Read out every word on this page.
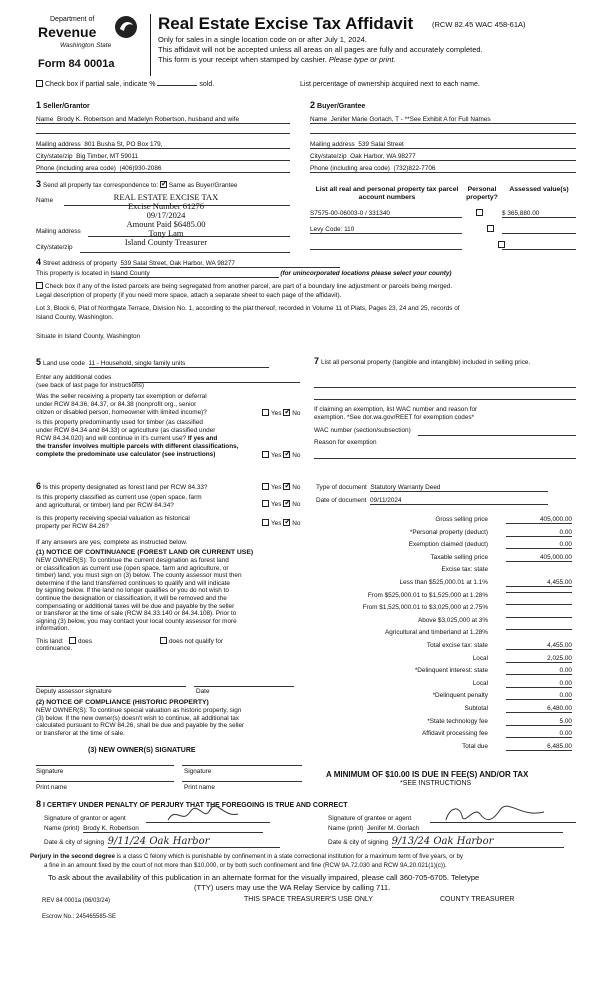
Department of
Revenue
Washington State
Form 84 0001a
Real Estate Excise Tax Affidavit	(RCW 82.45 WAC 458-61A)
Only for sales in a single location code on or after July 1, 2024.
This affidavit will not be accepted unless all areas on all pages are fully and accurately completed.
This form is your receipt when stamped by cashier. Please type or print.
Check box if partial sale, indicate %	sold.	List percentage of ownership acquired next to each name.
1 Seller/Grantor
Name Brody K. Robertson and Madelyn Robertson, husband and wife
Mailing address 801 Busha St, PO Box 179,
City/state/zip Big Timber, MT 59011
Phone (including area code) (406)930-2086
2 Buyer/Grantee
Name Jenifer Marie Gorlach, T - **See Exhibit A for Full Names
Mailing address 539 Salal Street
City/state/zip Oak Harbor, WA 98277
Phone (including area code) (732)822-7706
3 Send all property tax correspondence to: ✓ Same as Buyer/Grantee
Name
Mailing address
City/state/zip
REAL ESTATE EXCISE TAX
Excise Number 61276
09/17/2024
Amount Paid $6485.00
Tony Lam
Island County Treasurer
List all real and personal property tax parcel account numbers
Personal property?
Assessed value(s)
S7575-00-06003-0 / 331340
	$ 365,880.00
Levy Code: 110

4 Street address of property 539 Salal Street, Oak Harbor, WA 98277
This property is located in Island County	(for unincorporated locations please select your county)
Check box if any of the listed parcels are being segregated from another parcel, are part of a boundary line adjustment or parcels being merged.
Legal description of property (if you need more space, attach a separate sheet to each page of the affidavit).
Lot 3, Block 6, Plat of Northgate Terrace, Division No. 1, according to the plat thereof, recorded in Volume 11 of Plats, Pages 23, 24 and 25, records of
Island County, Washington.
Situate in Island County, Washington
5 Land use code 11 - Household, single family units
Enter any additional codes
(see back of last page for instructions)
Was the seller receiving a property tax exemption or deferral
under RCW 84.36, 84.37, or 84.38 (nonprofit org., senior
citizen or disabled person, homeowner with limited income)?	Yes ✓ No
Is this property predominantly used for timber (as classified
under RCW 84.34 and 84.33) or agriculture (as classified under
RCW 84.34.020) and will continue in it's current use? If yes and
the transfer involves multiple parcels with different classifications,
complete the predominate use calculator (see instructions)	Yes ✓ No
7 List all personal property (tangible and intangible) included in selling price.
If claiming an exemption, list WAC number and reason for
exemption. *See dor.wa.gov/REET for exemption codes*
WAC number (section/subsection)
Reason for exemption
6 Is this property designated as forest land per RCW 84.33?	Yes ✓ No
Is this property classified as current use (open space, farm
and agricultural, or timber) land per RCW 84.34?	Yes ✓ No
Is this property receiving special valuation as historical
property per RCW 84.26?	Yes ✓ No
If any answers are yes, complete as instructed below.
(1) NOTICE OF CONTINUANCE (FOREST LAND OR CURRENT USE)
NEW OWNER(S): To continue the current designation as forest land
or classification as current use (open space, farm and agriculture, or
timber) land, you must sign on (3) below. The county assessor must then
determine if the land transferred continues to qualify and will indicate
by signing below. If the land no longer qualifies or you do not wish to
continue the designation or classification, it will be removed and the
compensating or additional taxes will be due and payable by the seller
or transferor at the time of sale (RCW 84.33.140 or 84.34.108). Prior to
signing (3) below, you may contact your local county assessor for more
information.
This land: does	does not qualify for
continuance.
Deputy assessor signature	Date
(2) NOTICE OF COMPLIANCE (HISTORIC PROPERTY)
NEW OWNER(S): To continue special valuation as historic property, sign
(3) below. If the new owner(s) doesn't wish to continue, all additional tax
calculated pursuant to RCW 84.26, shall be due and payable by the seller
or transferor at the time of sale.
(3) NEW OWNER(S) SIGNATURE
Signature	Signature
Print name	Print name
Type of document Statutory Warranty Deed
Date of document 09/11/2024
Gross selling price	405,000.00
*Personal property (deduct)	0.00
Exemption claimed (deduct)	0.00
Taxable selling price	405,000.00
Excise tax: state
Less than $525,000.01 at 1.1%	4,455.00
From $525,000.01 to $1,525,000 at 1.28%
From $1,525,000.01 to $3,025,000 at 2.75%
Above $3,025,000 at 3%
Agricultural and timberland at 1.28%
Total excise tax: state	4,455.00
Local	2,025.00
*Delinquent interest: state	0.00
Local	0.00
*Delinquent penalty	0.00
Subtotal	6,480.00
*State technology fee	5.00
Affidavit processing fee	0.00
Total due	6,485.00
A MINIMUM OF $10.00 IS DUE IN FEE(S) AND/OR TAX
*SEE INSTRUCTIONS
8 I CERTIFY UNDER PENALTY OF PERJURY THAT THE FOREGOING IS TRUE AND CORRECT
Signature of grantor or agent
Name (print) Brody K. Robertson
Date & city of signing 9/11/24 Oak Harbor
Signature of grantee or agent
Name (print) Jenifer M. Gorlach
Date & city of signing 9/13/24 Oak Harbor
Perjury in the second degree is a class C felony which is punishable by confinement in a state correctional institution for a maximum term of five years, or by
a fine in an amount fixed by the court of not more than $10,000, or by both such confinement and fine (RCW 9A.72.030 and RCW 9A.20.021(1)(c)).
To ask about the availability of this publication in an alternate format for the visually impaired, please call 360-705-6705. Teletype
(TTY) users may use the WA Relay Service by calling 711.
REV 84 0001a (06/03/24)	THIS SPACE TREASURER'S USE ONLY	COUNTY TREASURER
Escrow No.: 245465585-SE
